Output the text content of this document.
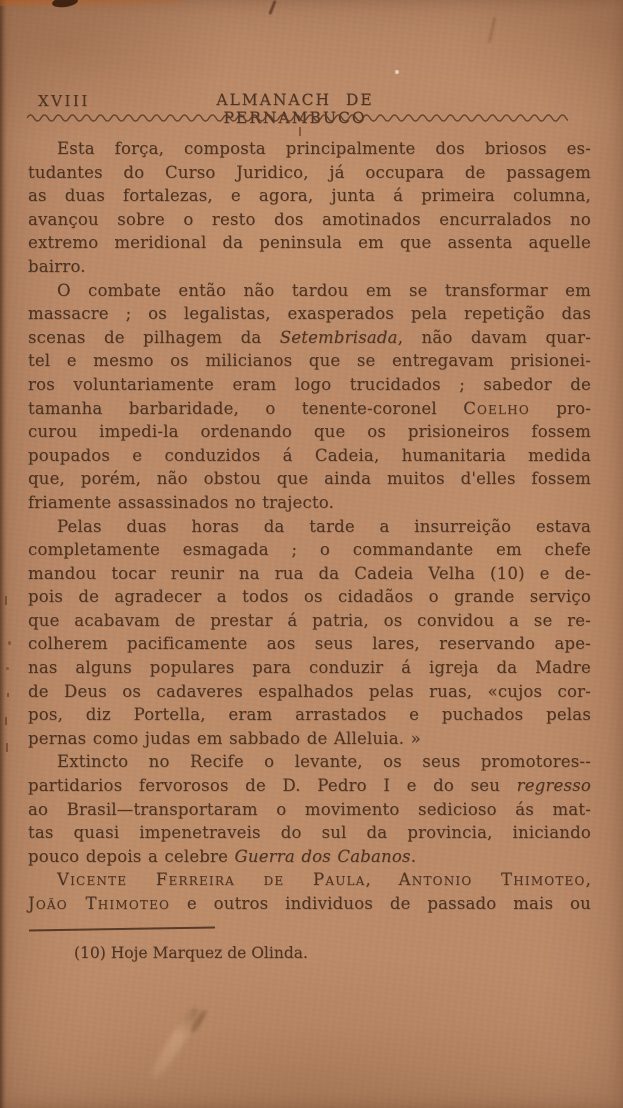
XVIII	ALMANACH DE PERNAMBUCO
Esta força, composta principalmente dos briosos es-
tudantes do Curso Juridico, já occupara de passagem
as duas fortalezas, e agora, junta á primeira columna,
avançou sobre o resto dos amotinados encurralados no
extremo meridional da peninsula em que assenta aquelle
bairro.
O combate então não tardou em se transformar em
massacre ; os legalistas, exasperados pela repetição das
scenas de pilhagem da Setembrisada, não davam quar-
tel e mesmo os milicianos que se entregavam prisionei-
ros voluntariamente eram logo trucidados ; sabedor de
tamanha barbaridade, o tenente-coronel Coelho pro-
curou impedi-la ordenando que os prisioneiros fossem
poupados e conduzidos á Cadeia, humanitaria medida
que, porém, não obstou que ainda muitos d'elles fossem
friamente assassinados no trajecto.
Pelas duas horas da tarde a insurreição estava
completamente esmagada ; o commandante em chefe
mandou tocar reunir na rua da Cadeia Velha (10) e de-
pois de agradecer a todos os cidadãos o grande serviço
que acabavam de prestar á patria, os convidou a se re-
colherem pacificamente aos seus lares, reservando ape-
nas alguns populares para conduzir á igreja da Madre
de Deus os cadaveres espalhados pelas ruas, «cujos cor-
pos, diz Portella, eram arrastados e puchados pelas
pernas como judas em sabbado de Alleluia. »
Extincto no Recife o levante, os seus promotores--
partidarios fervorosos de D. Pedro I e do seu regresso
ao Brasil—transportaram o movimento sedicioso ás mat-
tas quasi impenetraveis do sul da provincia, iniciando
pouco depois a celebre Guerra dos Cabanos.
Vicente Ferreira de Paula, Antonio Thimoteo,
João Thimoteo e outros individuos de passado mais ou
(10) Hoje Marquez de Olinda.
